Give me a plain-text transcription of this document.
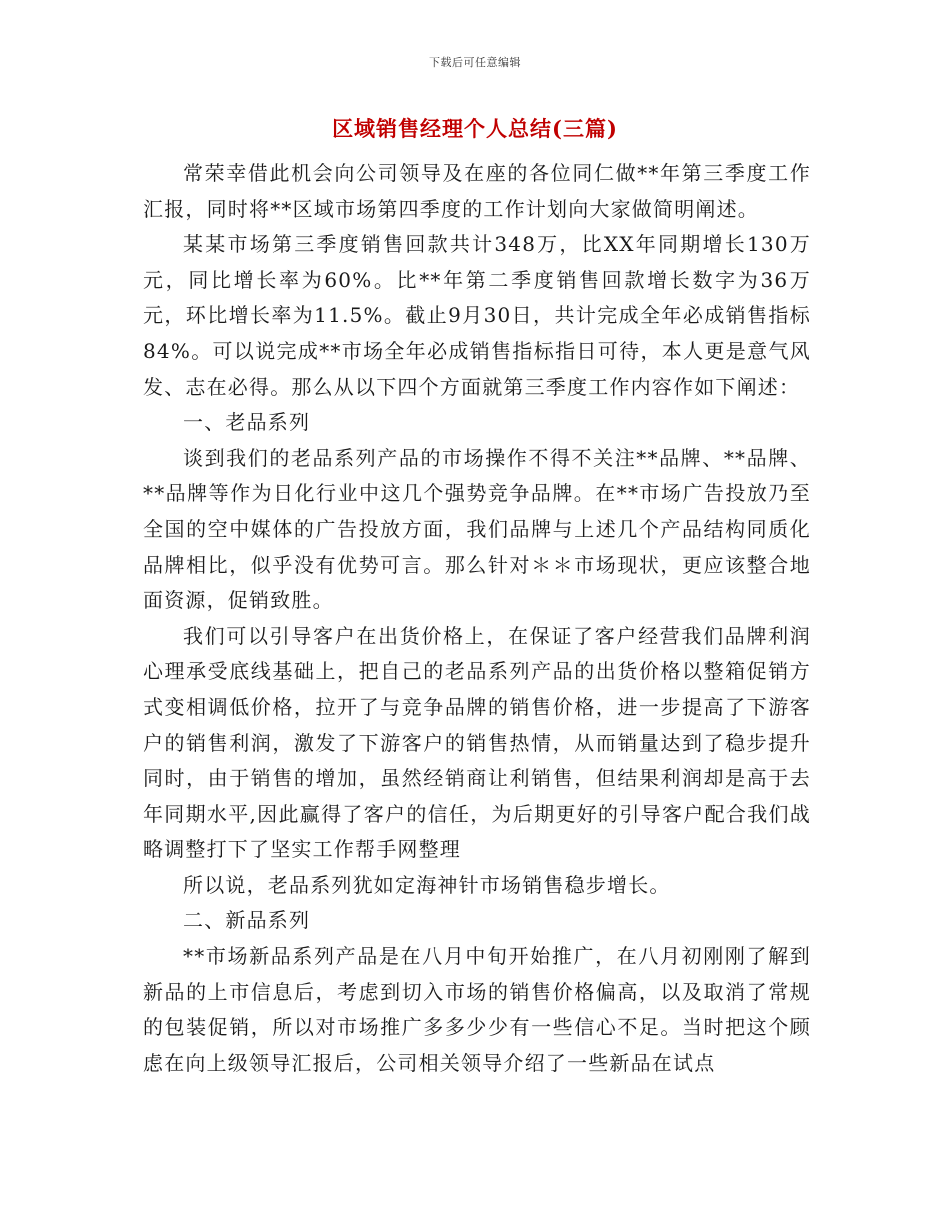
下载后可任意编辑
区域销售经理个人总结(三篇)

常荣幸借此机会向公司领导及在座的各位同仁做**年第三季度工作汇报，同时将**区域市场第四季度的工作计划向大家做简明阐述。

某某市场第三季度销售回款共计348万，比XX年同期增长130万元，同比增长率为60%。比**年第二季度销售回款增长数字为36万元，环比增长率为11.5%。截止9月30日，共计完成全年必成销售指标84%。可以说完成**市场全年必成销售指标指日可待，本人更是意气风发、志在必得。那么从以下四个方面就第三季度工作内容作如下阐述：

一、老品系列

谈到我们的老品系列产品的市场操作不得不关注**品牌、**品牌、**品牌等作为日化行业中这几个强势竞争品牌。在**市场广告投放乃至全国的空中媒体的广告投放方面，我们品牌与上述几个产品结构同质化品牌相比，似乎没有优势可言。那么针对＊＊市场现状，更应该整合地面资源，促销致胜。

我们可以引导客户在出货价格上，在保证了客户经营我们品牌利润心理承受底线基础上，把自己的老品系列产品的出货价格以整箱促销方式变相调低价格，拉开了与竞争品牌的销售价格，进一步提高了下游客户的销售利润，激发了下游客户的销售热情，从而销量达到了稳步提升同时，由于销售的增加，虽然经销商让利销售，但结果利润却是高于去年同期水平,因此赢得了客户的信任，为后期更好的引导客户配合我们战略调整打下了坚实工作帮手网整理

所以说，老品系列犹如定海神针市场销售稳步增长。

二、新品系列

**市场新品系列产品是在八月中旬开始推广，在八月初刚刚了解到新品的上市信息后，考虑到切入市场的销售价格偏高，以及取消了常规的包装促销，所以对市场推广多多少少有一些信心不足。当时把这个顾虑在向上级领导汇报后，公司相关领导介绍了一些新品在试点
